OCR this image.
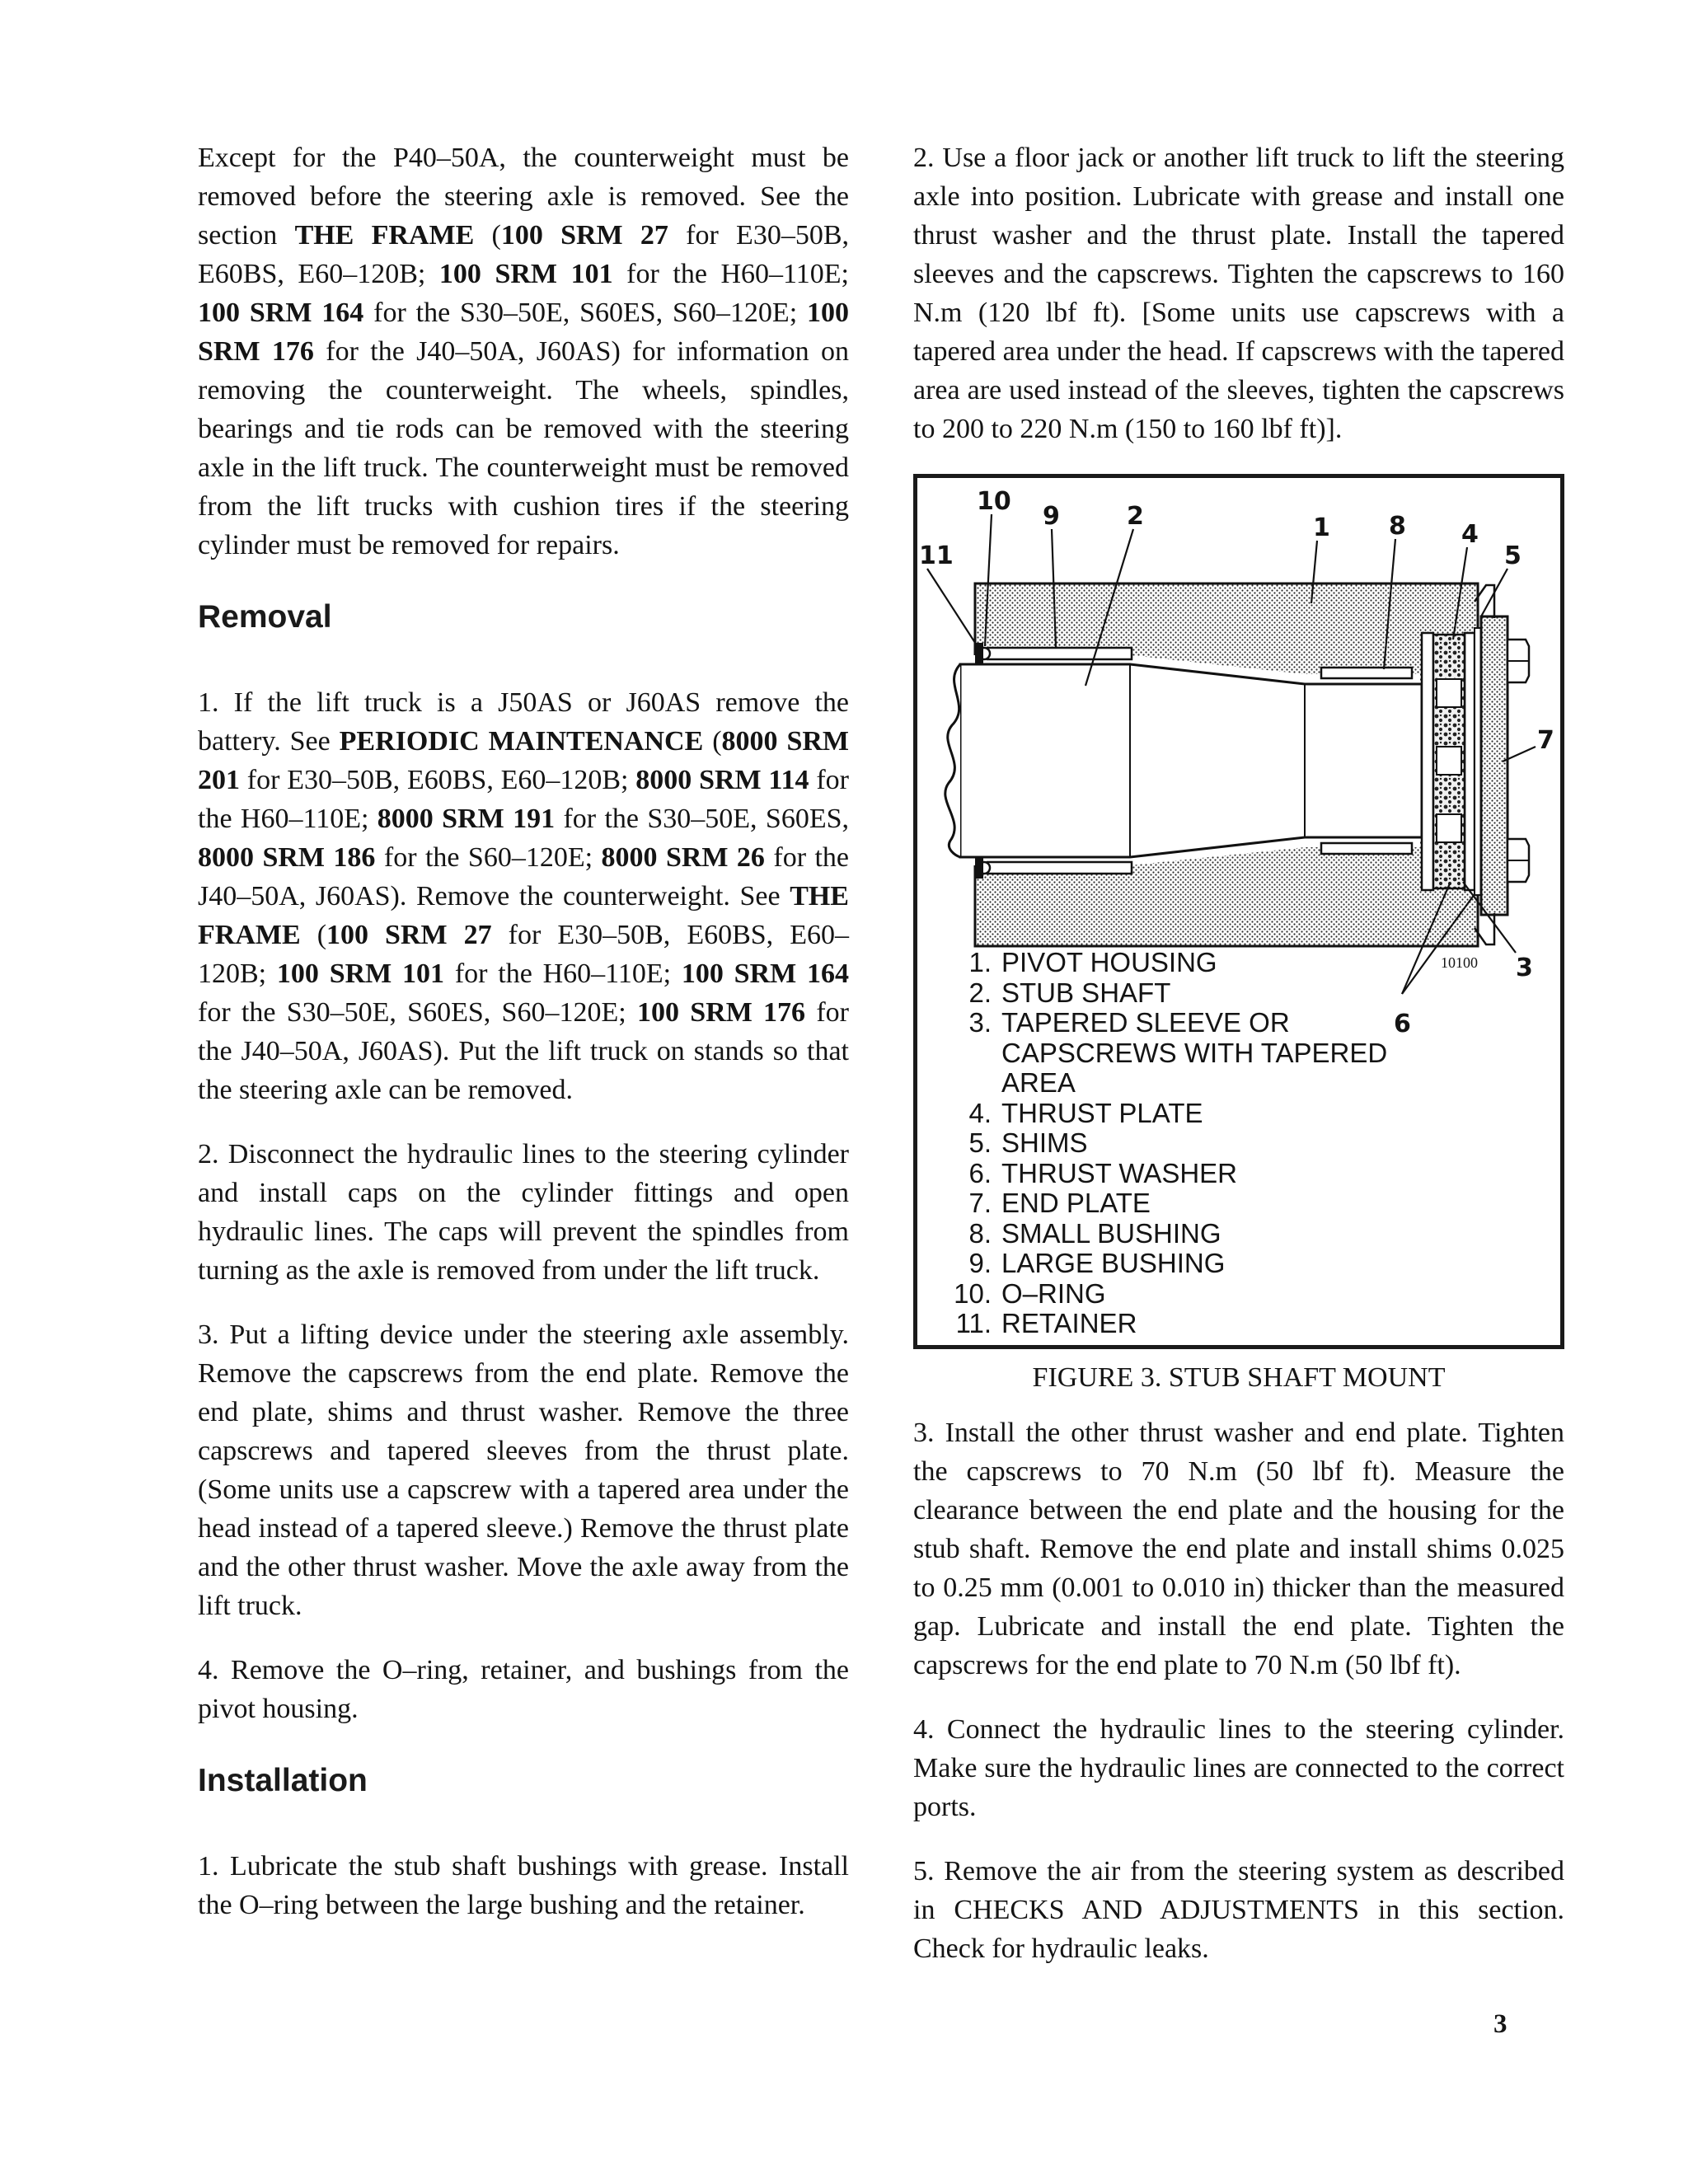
Except for the P40–50A, the counterweight must be removed before the steering axle is removed. See the section THE FRAME (100 SRM 27 for E30–50B, E60BS, E60–120B; 100 SRM 101 for the H60–110E; 100 SRM 164 for the S30–50E, S60ES, S60–120E; 100 SRM 176 for the J40–50A, J60AS) for information on removing the counterweight. The wheels, spindles, bearings and tie rods can be removed with the steering axle in the lift truck. The counterweight must be removed from the lift trucks with cushion tires if the steering cylinder must be removed for repairs.

Removal

1. If the lift truck is a J50AS or J60AS remove the battery. See PERIODIC MAINTENANCE (8000 SRM 201 for E30–50B, E60BS, E60–120B; 8000 SRM 114 for the H60–110E; 8000 SRM 191 for the S30–50E, S60ES, 8000 SRM 186 for the S60–120E; 8000 SRM 26 for the J40–50A, J60AS). Remove the counterweight. See THE FRAME (100 SRM 27 for E30–50B, E60BS, E60–120B; 100 SRM 101 for the H60–110E; 100 SRM 164 for the S30–50E, S60ES, S60–120E; 100 SRM 176 for the J40–50A, J60AS). Put the lift truck on stands so that the steering axle can be removed.

2. Disconnect the hydraulic lines to the steering cylinder and install caps on the cylinder fittings and open hydraulic lines. The caps will prevent the spindles from turning as the axle is removed from under the lift truck.

3. Put a lifting device under the steering axle assembly. Remove the capscrews from the end plate. Remove the end plate, shims and thrust washer. Remove the three capscrews and tapered sleeves from the thrust plate. (Some units use a capscrew with a tapered area under the head instead of a tapered sleeve.) Remove the thrust plate and the other thrust washer. Move the axle away from the lift truck.

4. Remove the O–ring, retainer, and bushings from the pivot housing.

Installation

1. Lubricate the stub shaft bushings with grease. Install the O–ring between the large bushing and the retainer.

2. Use a floor jack or another lift truck to lift the steering axle into position. Lubricate with grease and install one thrust washer and the thrust plate. Install the tapered sleeves and the capscrews. Tighten the capscrews to 160 N.m (120 lbf ft). [Some units use capscrews with a tapered area under the head. If capscrews with the tapered area are used instead of the sleeves, tighten the capscrews to 200 to 220 N.m (150 to 160 lbf ft)].

11
10
9	2	1 8 4
5
7
3
6
10100
1. PIVOT HOUSING
2. STUB SHAFT
3. TAPERED SLEEVE OR CAPSCREWS WITH TAPERED AREA
4. THRUST PLATE
5. SHIMS
6. THRUST WASHER
7. END PLATE
8. SMALL BUSHING
9. LARGE BUSHING
10. O–RING
11. RETAINER
FIGURE 3. STUB SHAFT MOUNT

3. Install the other thrust washer and end plate. Tighten the capscrews to 70 N.m (50 lbf ft). Measure the clearance between the end plate and the housing for the stub shaft. Remove the end plate and install shims 0.025 to 0.25 mm (0.001 to 0.010 in) thicker than the measured gap. Lubricate and install the end plate. Tighten the capscrews for the end plate to 70 N.m (50 lbf ft).

4. Connect the hydraulic lines to the steering cylinder. Make sure the hydraulic lines are connected to the correct ports.

5. Remove the air from the steering system as described in CHECKS AND ADJUSTMENTS in this section. Check for hydraulic leaks.

3
